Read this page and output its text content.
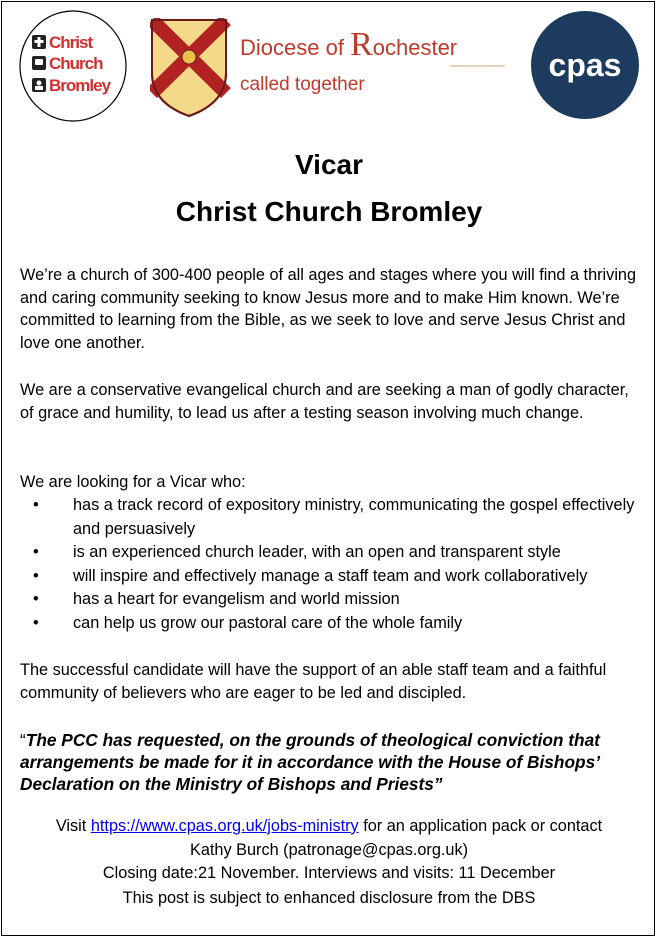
Christ
Church
Bromley
Diocese of Rochester
called together
cpas
Vicar
Christ Church Bromley

We’re a church of 300-400 people of all ages and stages where you will find a thriving and caring community seeking to know Jesus more and to make Him known. We’re committed to learning from the Bible, as we seek to love and serve Jesus Christ and love one another.

We are a conservative evangelical church and are seeking a man of godly character, of grace and humility, to lead us after a testing season involving much change.

We are looking for a Vicar who:

• has a track record of expository ministry, communicating the gospel effectively and persuasively
• is an experienced church leader, with an open and transparent style
• will inspire and effectively manage a staff team and work collaboratively
• has a heart for evangelism and world mission
• can help us grow our pastoral care of the whole family

The successful candidate will have the support of an able staff team and a faithful community of believers who are eager to be led and discipled.

“The PCC has requested, on the grounds of theological conviction that arrangements be made for it in accordance with the House of Bishops’ Declaration on the Ministry of Bishops and Priests”

Visit https://www.cpas.org.uk/jobs-ministry for an application pack or contact
Kathy Burch (patronage@cpas.org.uk)
Closing date:21 November. Interviews and visits: 11 December
This post is subject to enhanced disclosure from the DBS
